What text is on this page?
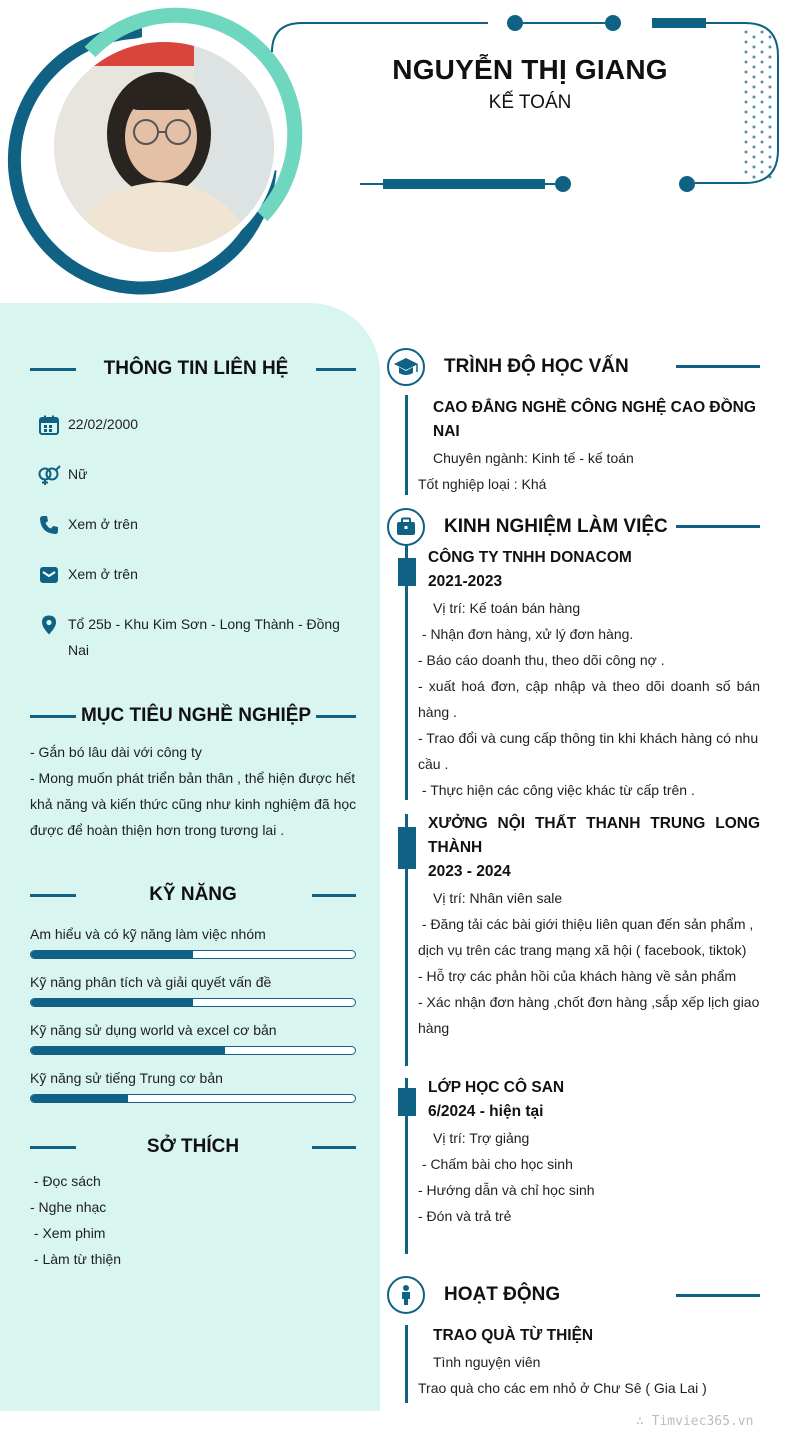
NGUYỄN THỊ GIANG
KẾ TOÁN
THÔNG TIN LIÊN HỆ
22/02/2000
Nữ
Xem ở trên
Xem ở trên
Tổ 25b - Khu Kim Sơn - Long Thành - Đồng
Nai
MỤC TIÊU NGHỀ NGHIỆP
- Gắn bó lâu dài với công ty
- Mong muốn phát triển bản thân , thể hiện được hết
khả năng và kiến thức cũng như kinh nghiệm đã học
được để hoàn thiện hơn trong tương lai .
KỸ NĂNG
Am hiểu và có kỹ năng làm việc nhóm
Kỹ năng phân tích và giải quyết vấn đề
Kỹ năng sử dụng world và excel cơ bản
Kỹ năng sử tiếng Trung cơ bản
SỞ THÍCH
- Đọc sách
- Nghe nhạc
- Xem phim
- Làm từ thiện
TRÌNH ĐỘ HỌC VẤN
CAO ĐẲNG NGHỀ CÔNG NGHỆ CAO ĐỒNG
NAI
Chuyên ngành: Kinh tế - kế toán
Tốt nghiệp loại : Khá
KINH NGHIỆM LÀM VIỆC
CÔNG TY TNHH DONACOM
2021-2023
Vị trí: Kế toán bán hàng
- Nhận đơn hàng, xử lý đơn hàng.
- Báo cáo doanh thu, theo dõi công nợ .
- xuất hoá đơn, cập nhập và theo dõi doanh số bán
hàng .
- Trao đổi và cung cấp thông tin khi khách hàng có nhu
cầu .
- Thực hiện các công việc khác từ cấp trên .
XƯỞNG NỘI THẤT THANH TRUNG LONG
THÀNH
2023 - 2024
Vị trí: Nhân viên sale
- Đăng tải các bài giới thiệu liên quan đến sản phẩm ,
dịch vụ trên các trang mạng xã hội ( facebook, tiktok)
- Hỗ trợ các phản hồi của khách hàng về sản phẩm
- Xác nhận đơn hàng ,chốt đơn hàng ,sắp xếp lịch giao
hàng
LỚP HỌC CÔ SAN
6/2024 - hiện tại
Vị trí: Trợ giảng
- Chấm bài cho học sinh
- Hướng dẫn và chỉ học sinh
- Đón và trả trẻ
HOẠT ĐỘNG
TRAO QUÀ TỪ THIỆN
Tình nguyện viên
Trao quà cho các em nhỏ ở Chư Sê ( Gia Lai )
∴ Timviec365.vn
